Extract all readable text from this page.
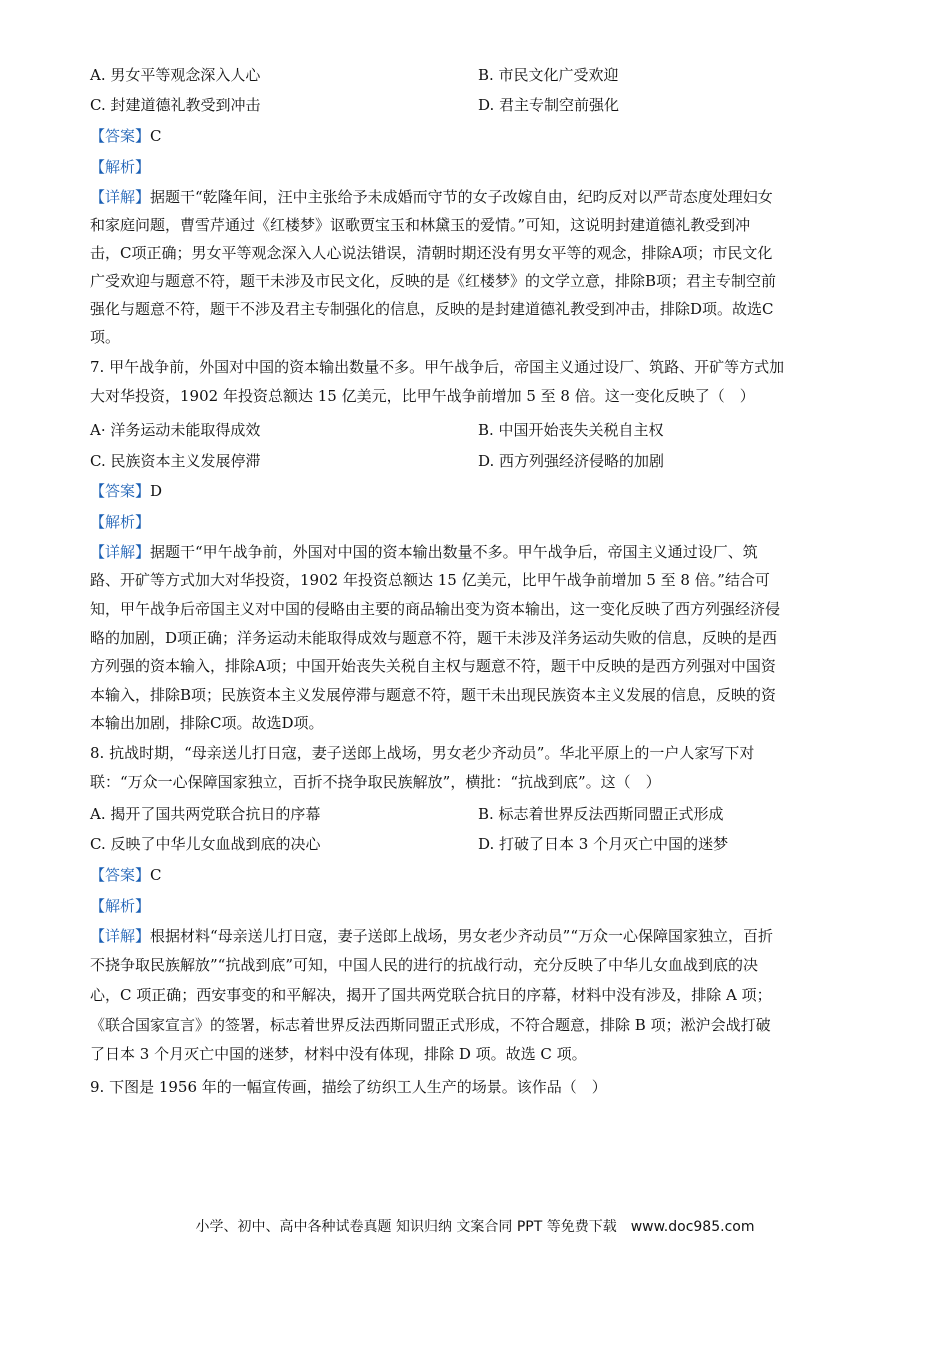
A. 男女平等观念深入人心	B. 市民文化广受欢迎
C. 封建道德礼教受到冲击	D. 君主专制空前强化
【答案】C
【解析】
【详解】据题干“乾隆年间，汪中主张给予未成婚而守节的女子改嫁自由，纪昀反对以严苛态度处理妇女
和家庭问题，曹雪芹通过《红楼梦》讴歌贾宝玉和林黛玉的爱情。”可知，这说明封建道德礼教受到冲
击，C项正确；男女平等观念深入人心说法错误，清朝时期还没有男女平等的观念，排除A项；市民文化
广受欢迎与题意不符，题干未涉及市民文化，反映的是《红楼梦》的文学立意，排除B项；君主专制空前
强化与题意不符，题干不涉及君主专制强化的信息，反映的是封建道德礼教受到冲击，排除D项。故选C
项。
7. 甲午战争前，外国对中国的资本输出数量不多。甲午战争后，帝国主义通过设厂、筑路、开矿等方式加
大对华投资，1902 年投资总额达 15 亿美元，比甲午战争前增加 5 至 8 倍。这一变化反映了（　）
A· 洋务运动未能取得成效	B. 中国开始丧失关税自主权
C. 民族资本主义发展停滞	D. 西方列强经济侵略的加剧
【答案】D
【解析】
【详解】据题干“甲午战争前，外国对中国的资本输出数量不多。甲午战争后，帝国主义通过设厂、筑
路、开矿等方式加大对华投资，1902 年投资总额达 15 亿美元，比甲午战争前增加 5 至 8 倍。”结合可
知，甲午战争后帝国主义对中国的侵略由主要的商品输出变为资本输出，这一变化反映了西方列强经济侵
略的加剧，D项正确；洋务运动未能取得成效与题意不符，题干未涉及洋务运动失败的信息，反映的是西
方列强的资本输入，排除A项；中国开始丧失关税自主权与题意不符，题干中反映的是西方列强对中国资
本输入，排除B项；民族资本主义发展停滞与题意不符，题干未出现民族资本主义发展的信息，反映的资
本输出加剧，排除C项。故选D项。
8. 抗战时期，“母亲送儿打日寇，妻子送郎上战场，男女老少齐动员”。华北平原上的一户人家写下对
联：“万众一心保障国家独立，百折不挠争取民族解放”，横批：“抗战到底”。这（　）
A. 揭开了国共两党联合抗日的序幕	B. 标志着世界反法西斯同盟正式形成
C. 反映了中华儿女血战到底的决心	D. 打破了日本 3 个月灭亡中国的迷梦
【答案】C
【解析】
【详解】根据材料“母亲送儿打日寇，妻子送郎上战场，男女老少齐动员”“万众一心保障国家独立，百折
不挠争取民族解放”“抗战到底”可知，中国人民的进行的抗战行动，充分反映了中华儿女血战到底的决
心，C 项正确；西安事变的和平解决，揭开了国共两党联合抗日的序幕，材料中没有涉及，排除 A 项；
《联合国家宣言》的签署，标志着世界反法西斯同盟正式形成，不符合题意，排除 B 项；淞沪会战打破
了日本 3 个月灭亡中国的迷梦，材料中没有体现，排除 D 项。故选 C 项。
9. 下图是 1956 年的一幅宣传画，描绘了纺织工人生产的场景。该作品（　）
小学、初中、高中各种试卷真题 知识归纳 文案合同 PPT 等免费下载　www.doc985.com
